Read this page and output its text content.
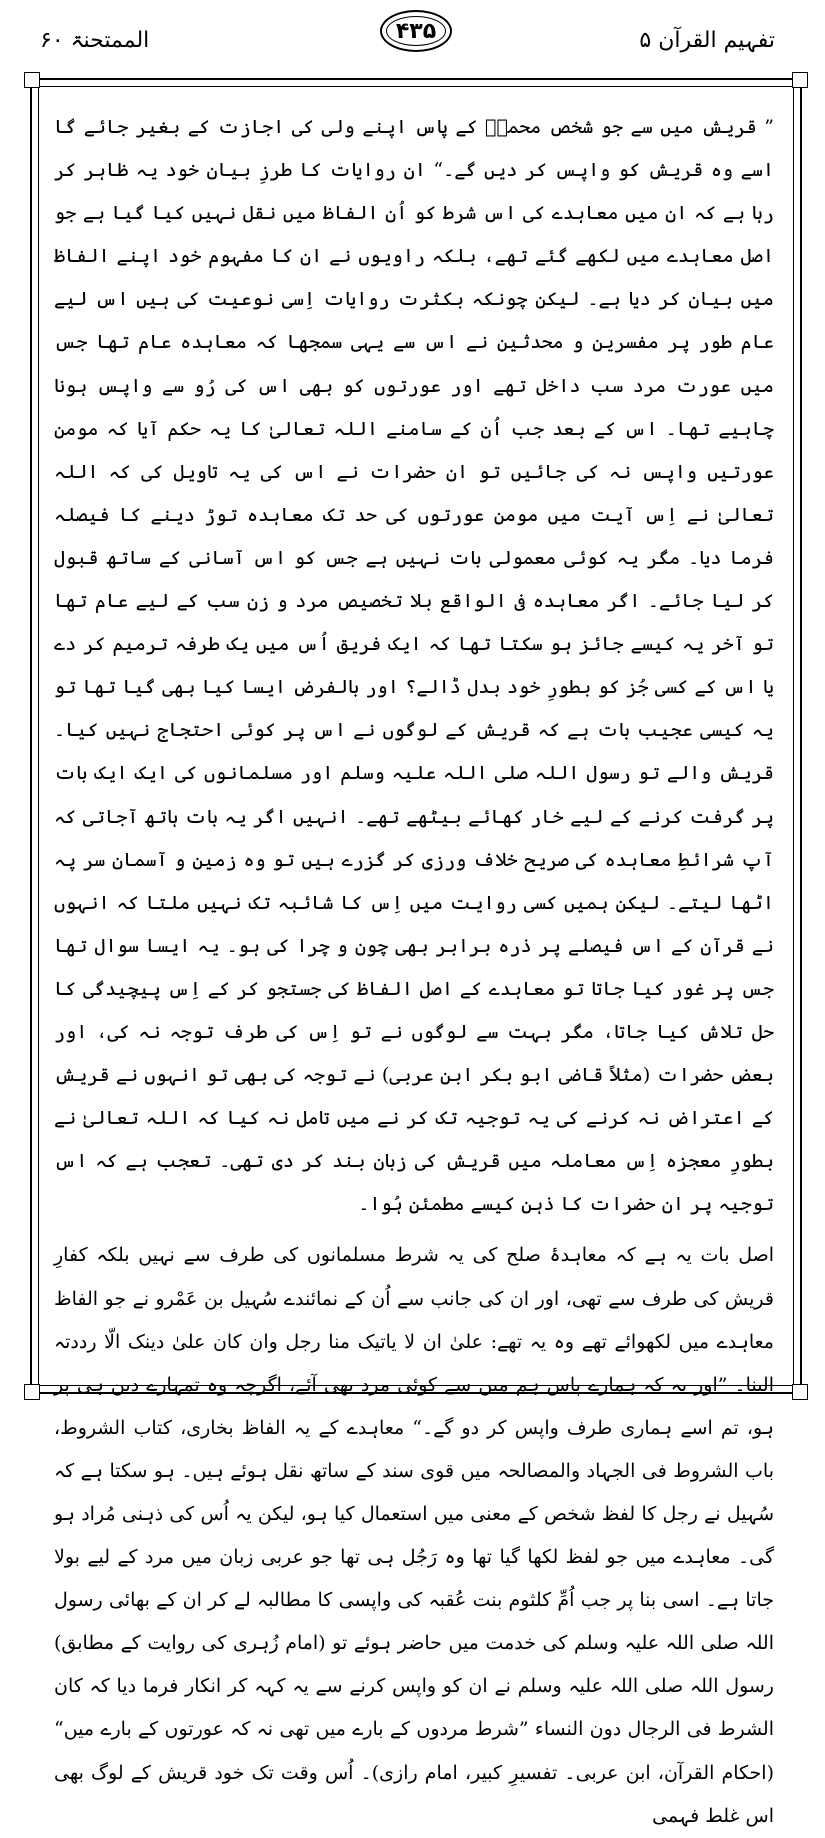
الممتحنۃ ۶۰	۴۳۵	تفہیم القرآن ۵

” قریش میں سے جو شخص محمدؐ کے پاس اپنے ولی کی اجازت کے بغیر جائے گا اسے وہ قریش کو واپس کر دیں گے۔“ ان روایات کا طرزِ بیان خود یہ ظاہر کر رہا ہے کہ ان میں معاہدے کی اس شرط کو اُن الفاظ میں نقل نہیں کیا گیا ہے جو اصل معاہدے میں لکھے گئے تھے، بلکہ راویوں نے ان کا مفہوم خود اپنے الفاظ میں بیان کر دیا ہے۔ لیکن چونکہ بکثرت روایات اِسی نوعیت کی ہیں اس لیے عام طور پر مفسرین و محدثین نے اس سے یہی سمجھا کہ معاہدہ عام تھا جس میں عورت مرد سب داخل تھے اور عورتوں کو بھی اس کی رُو سے واپس ہونا چاہیے تھا۔ اس کے بعد جب اُن کے سامنے اللہ تعالیٰ کا یہ حکم آیا کہ مومن عورتیں واپس نہ کی جائیں تو ان حضرات نے اس کی یہ تاویل کی کہ اللہ تعالیٰ نے اِس آیت میں مومن عورتوں کی حد تک معاہدہ توڑ دینے کا فیصلہ فرما دیا۔ مگر یہ کوئی معمولی بات نہیں ہے جس کو اس آسانی کے ساتھ قبول کر لیا جائے۔ اگر معاہدہ فی الواقع بلا تخصیص مرد و زن سب کے لیے عام تھا تو آخر یہ کیسے جائز ہو سکتا تھا کہ ایک فریق اُس میں یک طرفہ ترمیم کر دے یا اس کے کسی جُز کو بطورِ خود بدل ڈالے؟ اور بالفرض ایسا کیا بھی گیا تھا تو یہ کیسی عجیب بات ہے کہ قریش کے لوگوں نے اس پر کوئی احتجاج نہیں کیا۔ قریش والے تو رسول اللہ صلی اللہ علیہ وسلم اور مسلمانوں کی ایک ایک بات پر گرفت کرنے کے لیے خار کھائے بیٹھے تھے۔ انہیں اگر یہ بات ہاتھ آجاتی کہ آپ شرائطِ معاہدہ کی صریح خلاف ورزی کر گزرے ہیں تو وہ زمین و آسمان سر پہ اٹھا لیتے۔ لیکن ہمیں کسی روایت میں اِس کا شائبہ تک نہیں ملتا کہ انہوں نے قرآن کے اس فیصلے پر ذرہ برابر بھی چون و چرا کی ہو۔ یہ ایسا سوال تھا جس پر غور کیا جاتا تو معاہدے کے اصل الفاظ کی جستجو کر کے اِس پیچیدگی کا حل تلاش کیا جاتا، مگر بہت سے لوگوں نے تو اِس کی طرف توجہ نہ کی، اور بعض حضرات (مثلاً قاضی ابو بکر ابن عربی) نے توجہ کی بھی تو انہوں نے قریش کے اعتراض نہ کرنے کی یہ توجیہ تک کر نے میں تامل نہ کیا کہ اللہ تعالیٰ نے بطورِ معجزہ اِس معاملہ میں قریش کی زبان بند کر دی تھی۔ تعجب ہے کہ اس توجیہ پر ان حضرات کا ذہن کیسے مطمئن ہُوا۔

اصل بات یہ ہے کہ معاہدۂ صلح کی یہ شرط مسلمانوں کی طرف سے نہیں بلکہ کفارِ قریش کی طرف سے تھی، اور ان کی جانب سے اُن کے نمائندے سُہیل بن عَمْرو نے جو الفاظ معاہدے میں لکھوائے تھے وہ یہ تھے: علیٰ ان لا یاتیک منا رجل وان کان علیٰ دینک الّا رددتہ الینا۔ ”اور یہ کہ ہمارے پاس ہم میں سے کوئی مرد بھی آئے، اگرچہ وہ تمہارے دین ہی پر ہو، تم اسے ہماری طرف واپس کر دو گے۔“ معاہدے کے یہ الفاظ بخاری، کتاب الشروط، باب الشروط فی الجہاد والمصالحہ میں قوی سند کے ساتھ نقل ہوئے ہیں۔ ہو سکتا ہے کہ سُہیل نے رجل کا لفظ شخص کے معنی میں استعمال کیا ہو، لیکن یہ اُس کی ذہنی مُراد ہو گی۔ معاہدے میں جو لفظ لکھا گیا تھا وہ رَجُل ہی تھا جو عربی زبان میں مرد کے لیے بولا جاتا ہے۔ اسی بنا پر جب اُمِّ کلثوم بنت عُقبہ کی واپسی کا مطالبہ لے کر ان کے بھائی رسول اللہ صلی اللہ علیہ وسلم کی خدمت میں حاضر ہوئے تو (امام زُہری کی روایت کے مطابق) رسول اللہ صلی اللہ علیہ وسلم نے ان کو واپس کرنے سے یہ کہہ کر انکار فرما دیا کہ کان الشرط فی الرجال دون النساء ”شرط مردوں کے بارے میں تھی نہ کہ عورتوں کے بارے میں“ (احکام القرآن، ابن عربی۔ تفسیرِ کبیر، امام رازی)۔ اُس وقت تک خود قریش کے لوگ بھی اس غلط فہمی
